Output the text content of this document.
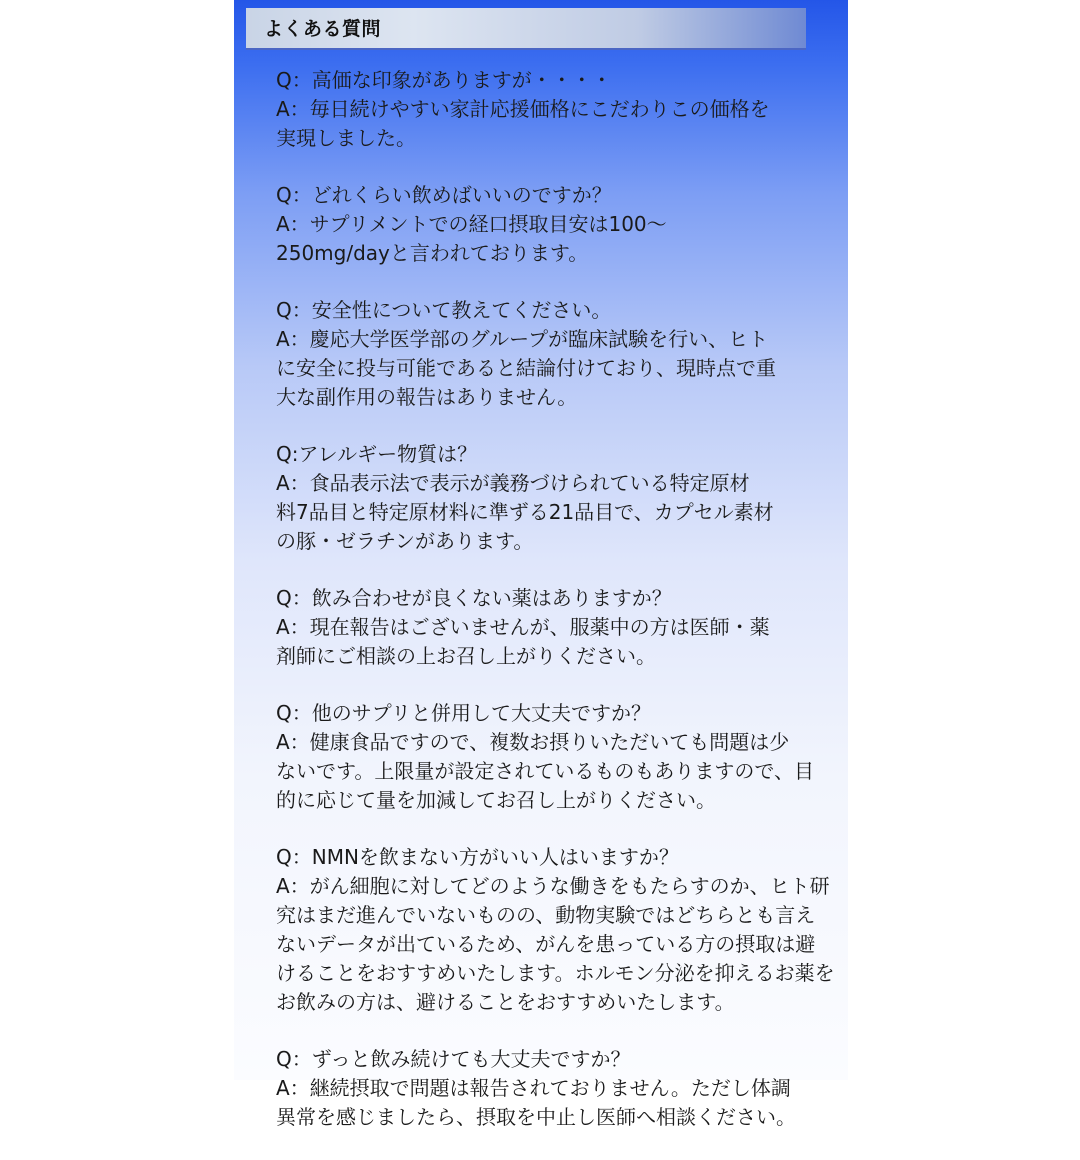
よくある質問
Q：高価な印象がありますが・・・・
A：毎日続けやすい家計応援価格にこだわりこの価格を
実現しました。
Q：どれくらい飲めばいいのですか？
A：サプリメントでの経口摂取目安は100～
250mg/dayと言われております。
Q：安全性について教えてください。
A：慶応大学医学部のグループが臨床試験を行い、ヒト
に安全に投与可能であると結論付けており、現時点で重
大な副作用の報告はありません。
Q:アレルギー物質は？
A：食品表示法で表示が義務づけられている特定原材
料7品目と特定原材料に準ずる21品目で、カプセル素材
の豚・ゼラチンがあります。
Q：飲み合わせが良くない薬はありますか？
A：現在報告はございませんが、服薬中の方は医師・薬
剤師にご相談の上お召し上がりください。
Q：他のサプリと併用して大丈夫ですか？
A：健康食品ですので、複数お摂りいただいても問題は少
ないです。上限量が設定されているものもありますので、目
的に応じて量を加減してお召し上がりください。
Q：NMNを飲まない方がいい人はいますか？
A：がん細胞に対してどのような働きをもたらすのか、ヒト研
究はまだ進んでいないものの、動物実験ではどちらとも言え
ないデータが出ているため、がんを患っている方の摂取は避
けることをおすすめいたします。ホルモン分泌を抑えるお薬を
お飲みの方は、避けることをおすすめいたします。
Q：ずっと飲み続けても大丈夫ですか？
A：継続摂取で問題は報告されておりません。ただし体調
異常を感じましたら、摂取を中止し医師へ相談ください。
